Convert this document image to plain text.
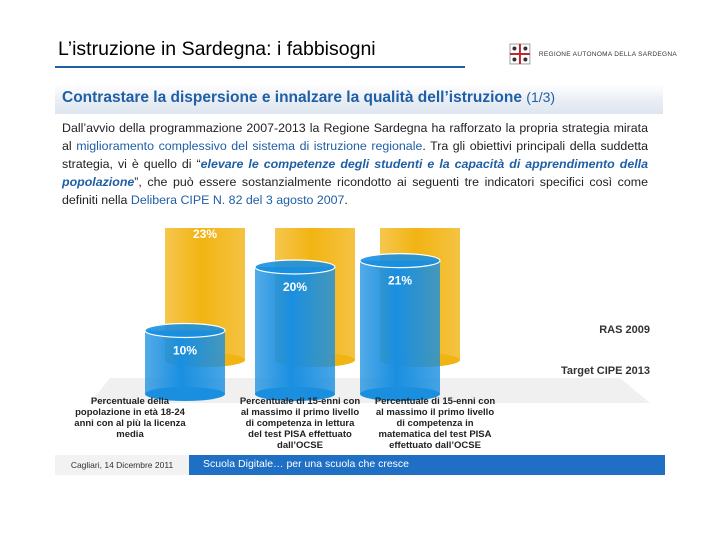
L’istruzione in Sardegna: i fabbisogni	REGIONE AUTONOMA DELLA SARDEGNA
Contrastare la dispersione e innalzare la qualità dell’istruzione (1/3)
Dall’avvio della programmazione 2007-2013 la Regione Sardegna ha rafforzato la propria strategia mirata al miglioramento complessivo del sistema di istruzione regionale. Tra gli obiettivi principali della suddetta strategia, vi è quello di “elevare le competenze degli studenti e la capacità di apprendimento della popolazione”, che può essere sostanzialmente ricondotto ai seguenti tre indicatori specifici così come definiti nella Delibera CIPE N. 82 del 3 agosto 2007.
23%
10%
20%	21%
RAS 2009
Target CIPE 2013
Percentuale della popolazione in età 18-24 anni con al più la licenza media
Percentuale di 15-enni con al massimo il primo livello di competenza in lettura del test PISA effettuato dall’OCSE
Percentuale di 15-enni con al massimo il primo livello di competenza in matematica del test PISA effettuato dall’OCSE
Cagliari, 14 Dicembre 2011	Scuola Digitale… per una scuola che cresce
